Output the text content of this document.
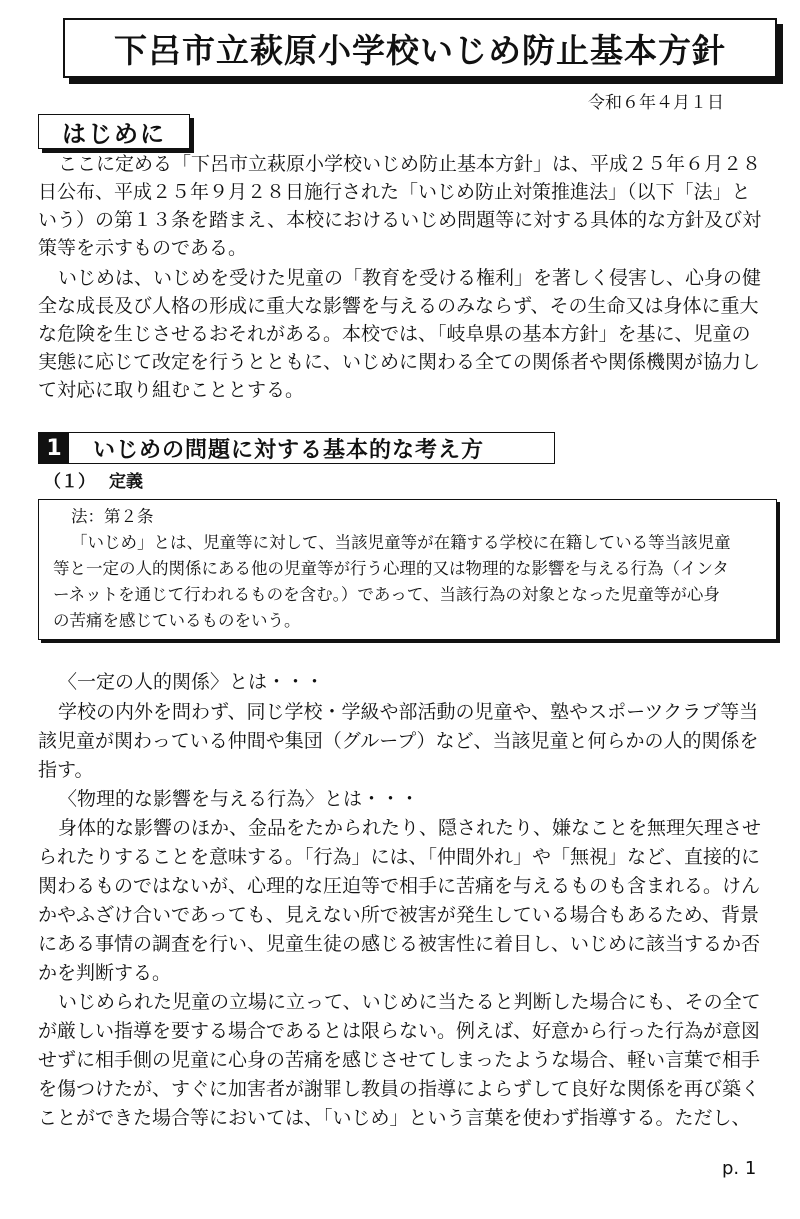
下呂市立萩原小学校いじめ防止基本方針
令和６年４月１日
はじめに
ここに定める「下呂市立萩原小学校いじめ防止基本方針」は、平成２５年６月２８
日公布、平成２５年９月２８日施行された「いじめ防止対策推進法」（以下「法」と
いう）の第１３条を踏まえ、本校におけるいじめ問題等に対する具体的な方針及び対
策等を示すものである。
いじめは、いじめを受けた児童の「教育を受ける権利」を著しく侵害し、心身の健
全な成長及び人格の形成に重大な影響を与えるのみならず、その生命又は身体に重大
な危険を生じさせるおそれがある。本校では、「岐阜県の基本方針」を基に、児童の
実態に応じて改定を行うとともに、いじめに関わる全ての関係者や関係機関が協力し
て対応に取り組むこととする。
1	いじめの問題に対する基本的な考え方
（１） 定義
法：第２条
「いじめ」とは、児童等に対して、当該児童等が在籍する学校に在籍している等当該児童
等と一定の人的関係にある他の児童等が行う心理的又は物理的な影響を与える行為（インタ
ーネットを通じて行われるものを含む。）であって、当該行為の対象となった児童等が心身
の苦痛を感じているものをいう。
〈一定の人的関係〉とは・・・
学校の内外を問わず、同じ学校・学級や部活動の児童や、塾やスポーツクラブ等当
該児童が関わっている仲間や集団（グループ）など、当該児童と何らかの人的関係を
指す。
〈物理的な影響を与える行為〉とは・・・
身体的な影響のほか、金品をたかられたり、隠されたり、嫌なことを無理矢理させ
られたりすることを意味する。「行為」には、「仲間外れ」や「無視」など、直接的に
関わるものではないが、心理的な圧迫等で相手に苦痛を与えるものも含まれる。けん
かやふざけ合いであっても、見えない所で被害が発生している場合もあるため、背景
にある事情の調査を行い、児童生徒の感じる被害性に着目し、いじめに該当するか否
かを判断する。
いじめられた児童の立場に立って、いじめに当たると判断した場合にも、その全て
が厳しい指導を要する場合であるとは限らない。例えば、好意から行った行為が意図
せずに相手側の児童に心身の苦痛を感じさせてしまったような場合、軽い言葉で相手
を傷つけたが、すぐに加害者が謝罪し教員の指導によらずして良好な関係を再び築く
ことができた場合等においては、「いじめ」という言葉を使わず指導する。ただし、
p. 1
